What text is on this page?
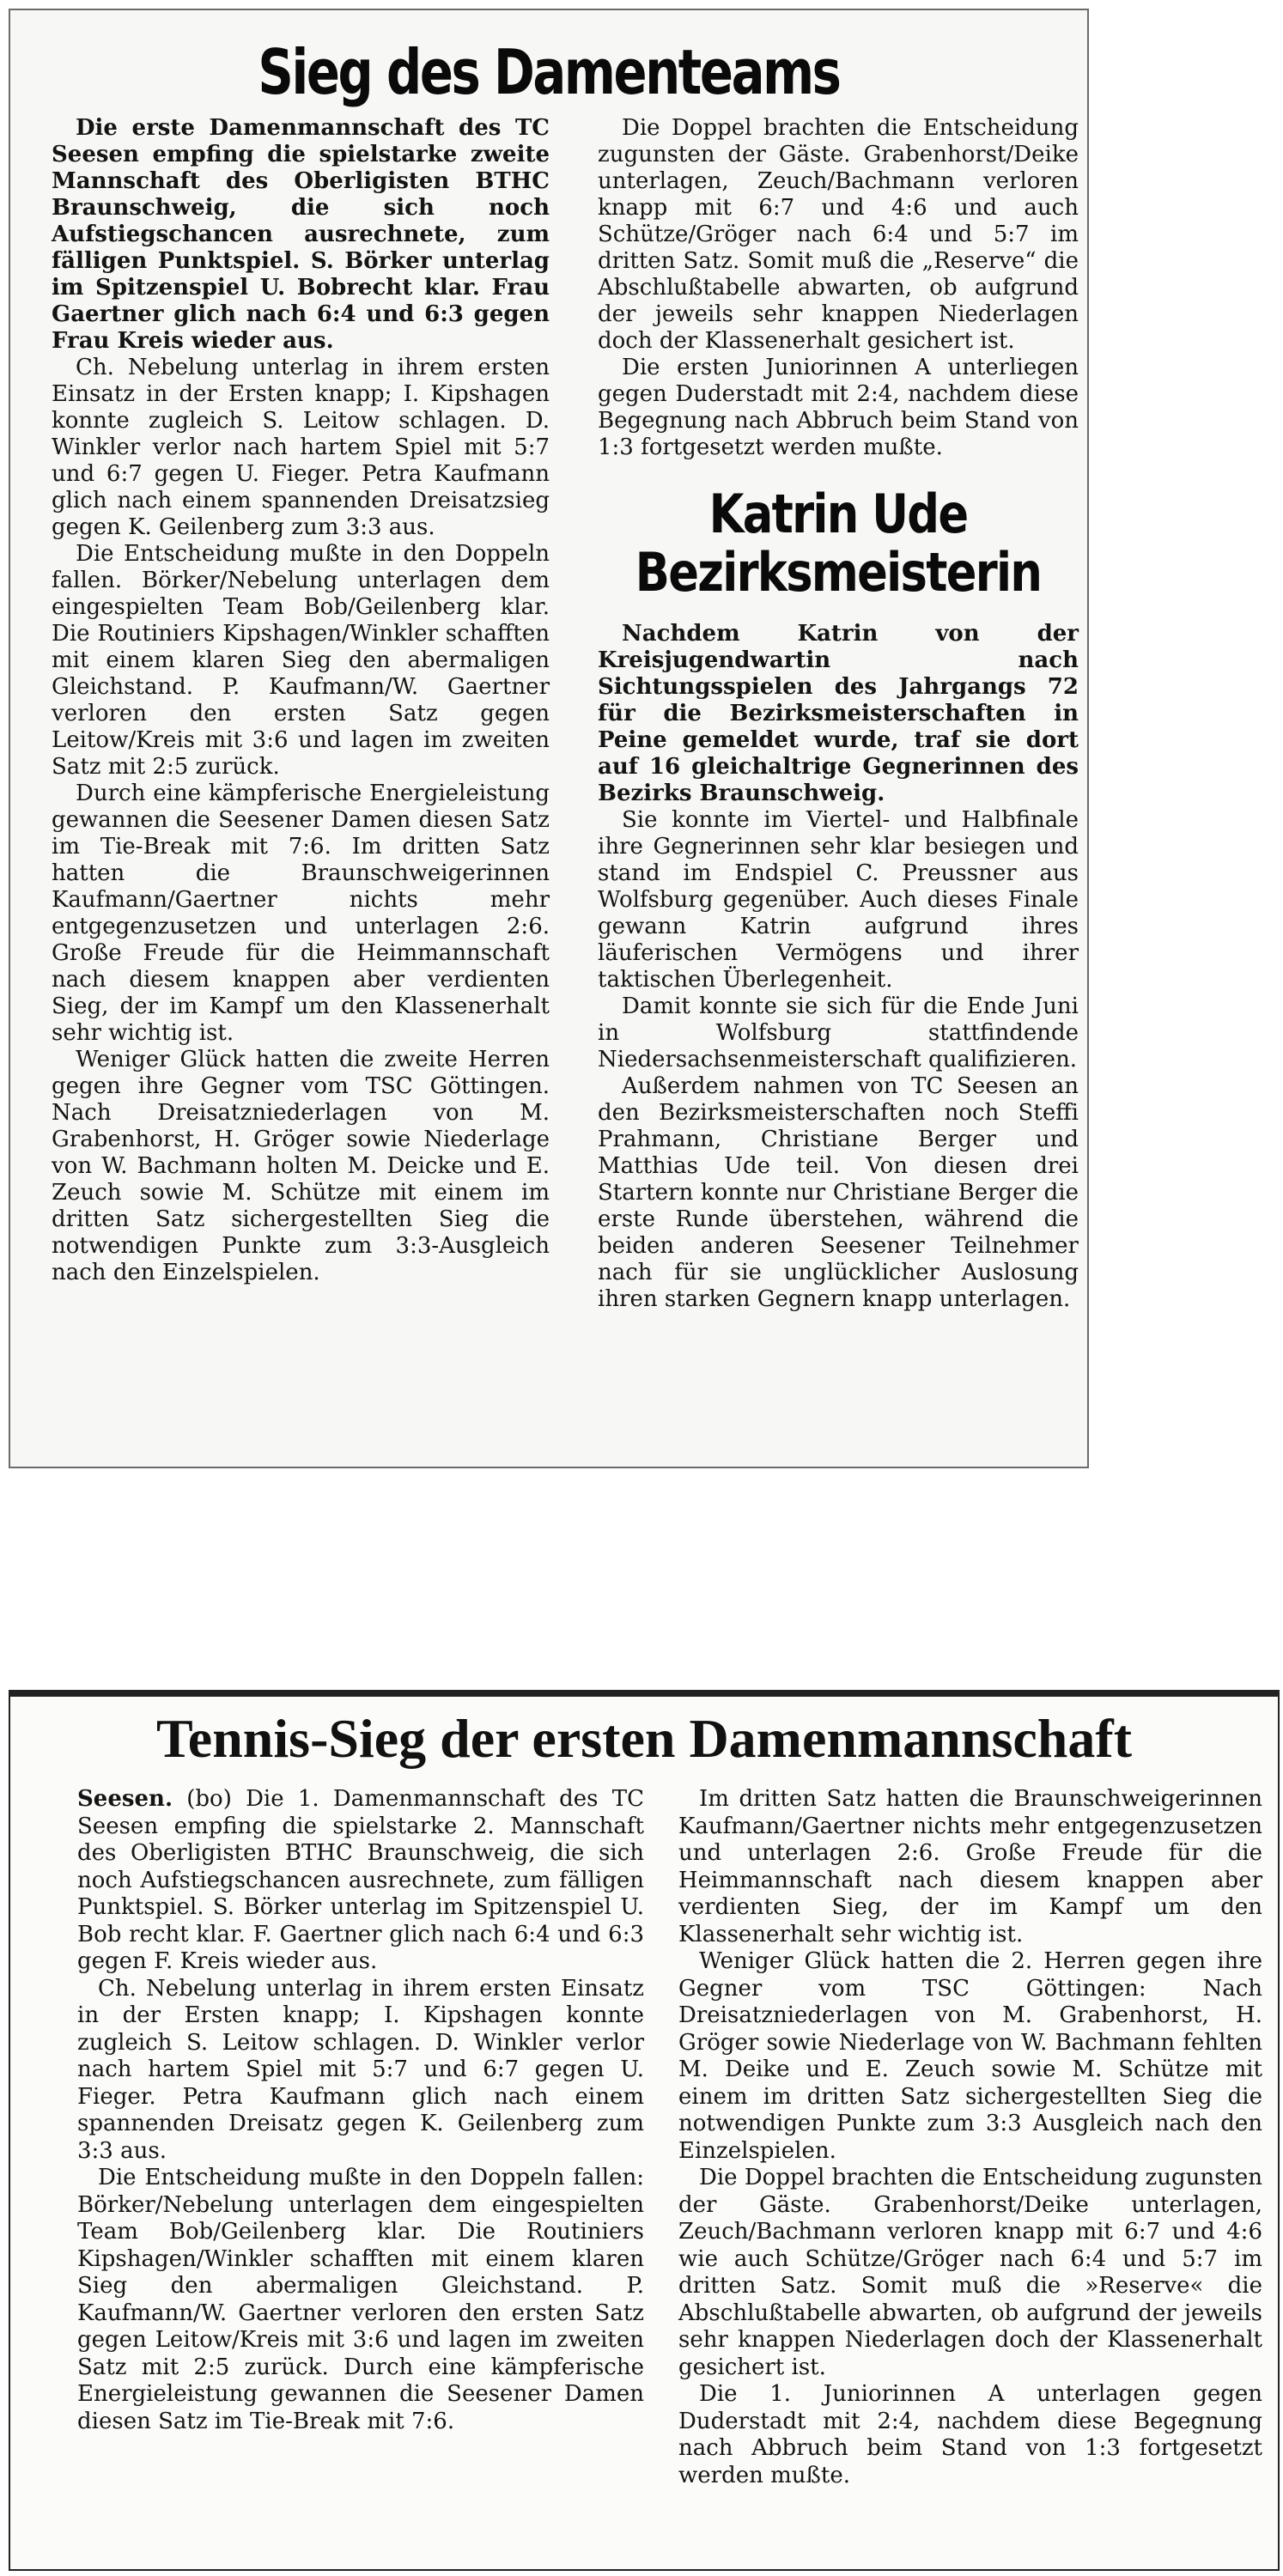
Sieg des Damenteams

Die erste Damenmannschaft des TC Seesen empfing die spielstarke zweite Mannschaft des Oberligisten BTHC Braunschweig, die sich noch Aufstiegschancen ausrechnete, zum fälligen Punktspiel. S. Börker unterlag im Spitzenspiel U. Bobrecht klar. Frau Gaertner glich nach 6:4 und 6:3 gegen Frau Kreis wieder aus.

Ch. Nebelung unterlag in ihrem ersten Einsatz in der Ersten knapp; I. Kipshagen konnte zugleich S. Leitow schlagen. D. Winkler verlor nach hartem Spiel mit 5:7 und 6:7 gegen U. Fieger. Petra Kaufmann glich nach einem spannenden Dreisatzsieg gegen K. Geilenberg zum 3:3 aus.

Die Entscheidung mußte in den Doppeln fallen. Börker/Nebelung unterlagen dem eingespielten Team Bob/Geilenberg klar. Die Routiniers Kipshagen/Winkler schafften mit einem klaren Sieg den abermaligen Gleichstand. P. Kaufmann/W. Gaertner verloren den ersten Satz gegen Leitow/Kreis mit 3:6 und lagen im zweiten Satz mit 2:5 zurück.

Durch eine kämpferische Energieleistung gewannen die Seesener Damen diesen Satz im Tie-Break mit 7:6. Im dritten Satz hatten die Braunschweigerinnen Kaufmann/Gaertner nichts mehr entgegenzusetzen und unterlagen 2:6. Große Freude für die Heimmannschaft nach diesem knappen aber verdienten Sieg, der im Kampf um den Klassenerhalt sehr wichtig ist.

Weniger Glück hatten die zweite Herren gegen ihre Gegner vom TSC Göttingen. Nach Dreisatzniederlagen von M. Grabenhorst, H. Gröger sowie Niederlage von W. Bachmann holten M. Deicke und E. Zeuch sowie M. Schütze mit einem im dritten Satz sichergestellten Sieg die notwendigen Punkte zum 3:3-Ausgleich nach den Einzelspielen.

Die Doppel brachten die Entscheidung zugunsten der Gäste. Grabenhorst/Deike unterlagen, Zeuch/Bachmann verloren knapp mit 6:7 und 4:6 und auch Schütze/Gröger nach 6:4 und 5:7 im dritten Satz. Somit muß die „Reserve“ die Abschlußtabelle abwarten, ob aufgrund der jeweils sehr knappen Niederlagen doch der Klassenerhalt gesichert ist.

Die ersten Juniorinnen A unterliegen gegen Duderstadt mit 2:4, nachdem diese Begegnung nach Abbruch beim Stand von 1:3 fortgesetzt werden mußte.

Katrin Ude
Bezirksmeisterin

Nachdem Katrin von der Kreisjugendwartin nach Sichtungsspielen des Jahrgangs 72 für die Bezirksmeisterschaften in Peine gemeldet wurde, traf sie dort auf 16 gleichaltrige Gegnerinnen des Bezirks Braunschweig.

Sie konnte im Viertel- und Halbfinale ihre Gegnerinnen sehr klar besiegen und stand im Endspiel C. Preussner aus Wolfsburg gegenüber. Auch dieses Finale gewann Katrin aufgrund ihres läuferischen Vermögens und ihrer taktischen Überlegenheit.

Damit konnte sie sich für die Ende Juni in Wolfsburg stattfindende Niedersachsenmeisterschaft qualifizieren.

Außerdem nahmen von TC Seesen an den Bezirksmeisterschaften noch Steffi Prahmann, Christiane Berger und Matthias Ude teil. Von diesen drei Startern konnte nur Christiane Berger die erste Runde überstehen, während die beiden anderen Seesener Teilnehmer nach für sie unglücklicher Auslosung ihren starken Gegnern knapp unterlagen.

Tennis-Sieg der ersten Damenmannschaft

Seesen. (bo) Die 1. Damenmannschaft des TC Seesen empfing die spielstarke 2. Mannschaft des Oberligisten BTHC Braunschweig, die sich noch Aufstiegschancen ausrechnete, zum fälligen Punktspiel. S. Börker unterlag im Spitzenspiel U. Bob recht klar. F. Gaertner glich nach 6:4 und 6:3 gegen F. Kreis wieder aus.

Ch. Nebelung unterlag in ihrem ersten Einsatz in der Ersten knapp; I. Kipshagen konnte zugleich S. Leitow schlagen. D. Winkler verlor nach hartem Spiel mit 5:7 und 6:7 gegen U. Fieger. Petra Kaufmann glich nach einem spannenden Dreisatz gegen K. Geilenberg zum 3:3 aus.

Die Entscheidung mußte in den Doppeln fallen: Börker/Nebelung unterlagen dem eingespielten Team Bob/Geilenberg klar. Die Routiniers Kipshagen/Winkler schafften mit einem klaren Sieg den abermaligen Gleichstand. P. Kaufmann/W. Gaertner verloren den ersten Satz gegen Leitow/Kreis mit 3:6 und lagen im zweiten Satz mit 2:5 zurück. Durch eine kämpferische Energieleistung gewannen die Seesener Damen diesen Satz im Tie-Break mit 7:6.

Im dritten Satz hatten die Braunschweigerinnen Kaufmann/Gaertner nichts mehr entgegenzusetzen und unterlagen 2:6. Große Freude für die Heimmannschaft nach diesem knappen aber verdienten Sieg, der im Kampf um den Klassenerhalt sehr wichtig ist.

Weniger Glück hatten die 2. Herren gegen ihre Gegner vom TSC Göttingen: Nach Dreisatzniederlagen von M. Grabenhorst, H. Gröger sowie Niederlage von W. Bachmann fehlten M. Deike und E. Zeuch sowie M. Schütze mit einem im dritten Satz sichergestellten Sieg die notwendigen Punkte zum 3:3 Ausgleich nach den Einzelspielen.

Die Doppel brachten die Entscheidung zugunsten der Gäste. Grabenhorst/Deike unterlagen, Zeuch/Bachmann verloren knapp mit 6:7 und 4:6 wie auch Schütze/Gröger nach 6:4 und 5:7 im dritten Satz. Somit muß die »Reserve« die Abschlußtabelle abwarten, ob aufgrund der jeweils sehr knappen Niederlagen doch der Klassenerhalt gesichert ist.

Die 1. Juniorinnen A unterlagen gegen Duderstadt mit 2:4, nachdem diese Begegnung nach Abbruch beim Stand von 1:3 fortgesetzt werden mußte.
